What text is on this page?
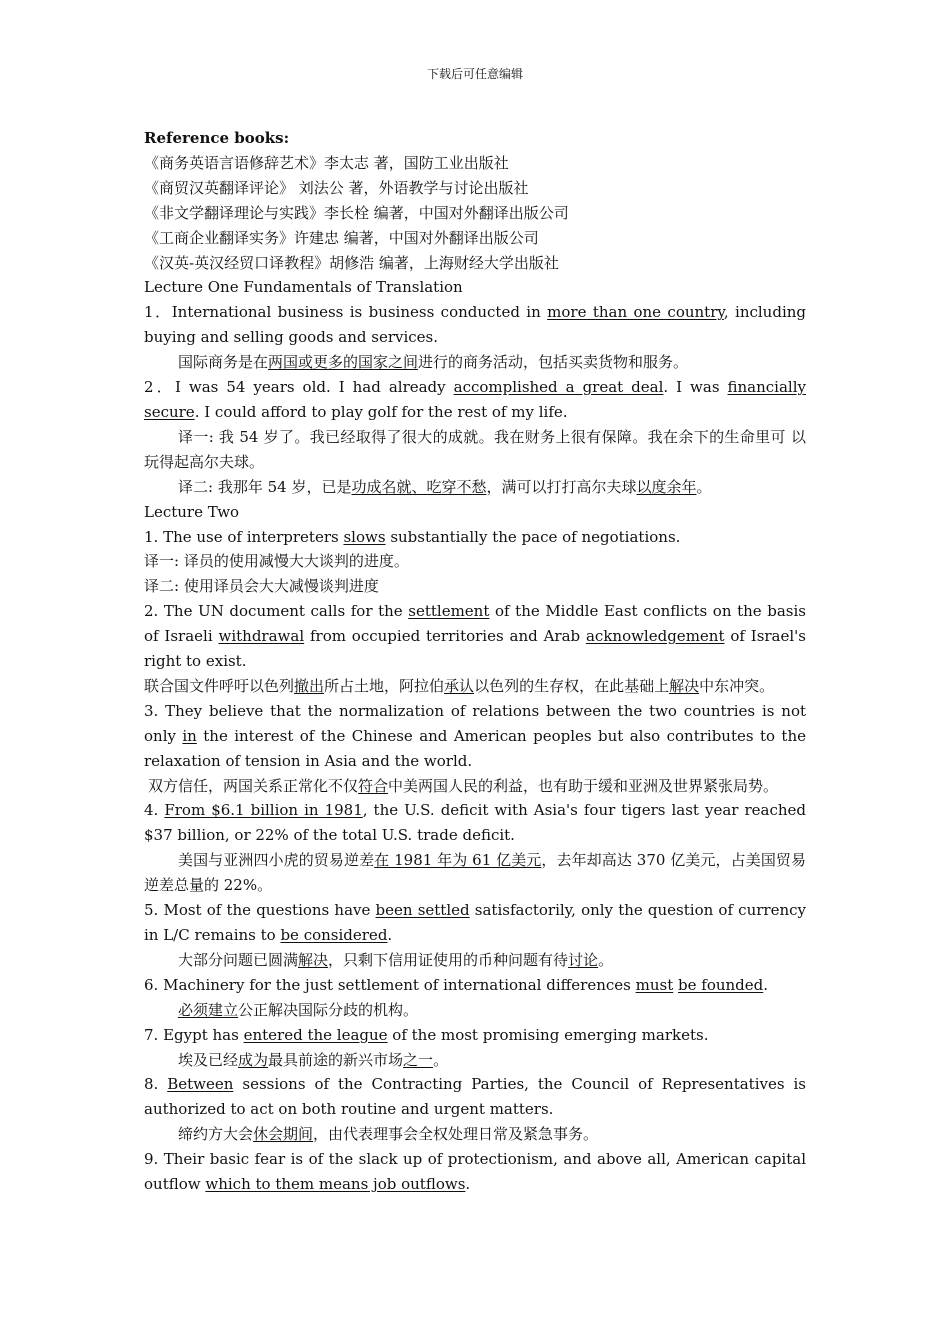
下载后可任意编辑
Reference books:
《商务英语言语修辞艺术》李太志 著，国防工业出版社
《商贸汉英翻译评论》 刘法公 著，外语教学与讨论出版社
《非文学翻译理论与实践》李长栓 编著，中国对外翻译出版公司
《工商企业翻译实务》许建忠 编著，中国对外翻译出版公司
《汉英-英汉经贸口译教程》胡修浩 编著，上海财经大学出版社
Lecture One Fundamentals of Translation
1．International business is business conducted in more than one country, including buying and selling goods and services.
国际商务是在两国或更多的国家之间进行的商务活动，包括买卖货物和服务。
2．I was 54 years old. I had already accomplished a great deal. I was financially secure. I could afford to play golf for the rest of my life.
译一: 我 54 岁了。我已经取得了很大的成就。我在财务上很有保障。我在余下的生命里可 以玩得起高尔夫球。
译二: 我那年 54 岁，已是功成名就、吃穿不愁，满可以打打高尔夫球以度余年。
Lecture Two
1. The use of interpreters slows substantially the pace of negotiations.
译一: 译员的使用减慢大大谈判的进度。
译二: 使用译员会大大减慢谈判进度
2. The UN document calls for the settlement of the Middle East conflicts on the basis of Israeli withdrawal from occupied territories and Arab acknowledgement of Israel's right to exist.
联合国文件呼吁以色列撤出所占土地，阿拉伯承认以色列的生存权，在此基础上解决中东冲突。
3. They believe that the normalization of relations between the two countries is not only in the interest of the Chinese and American peoples but also contributes to the relaxation of tension in Asia and the world.
双方信任，两国关系正常化不仅符合中美两国人民的利益，也有助于缓和亚洲及世界紧张局势。
4. From $6.1 billion in 1981, the U.S. deficit with Asia's four tigers last year reached $37 billion, or 22% of the total U.S. trade deficit.
美国与亚洲四小虎的贸易逆差在 1981 年为 61 亿美元，去年却高达 370 亿美元，占美国贸易逆差总量的 22%。
5. Most of the questions have been settled satisfactorily, only the question of currency in L/C remains to be considered.
大部分问题已圆满解决，只剩下信用证使用的币种问题有待讨论。
6. Machinery for the just settlement of international differences must be founded.
必须建立公正解决国际分歧的机构。
7. Egypt has entered the league of the most promising emerging markets.
埃及已经成为最具前途的新兴市场之一。
8. Between sessions of the Contracting Parties, the Council of Representatives is authorized to act on both routine and urgent matters.
缔约方大会休会期间，由代表理事会全权处理日常及紧急事务。
9. Their basic fear is of the slack up of protectionism, and above all, American capital outflow which to them means job outflows.
